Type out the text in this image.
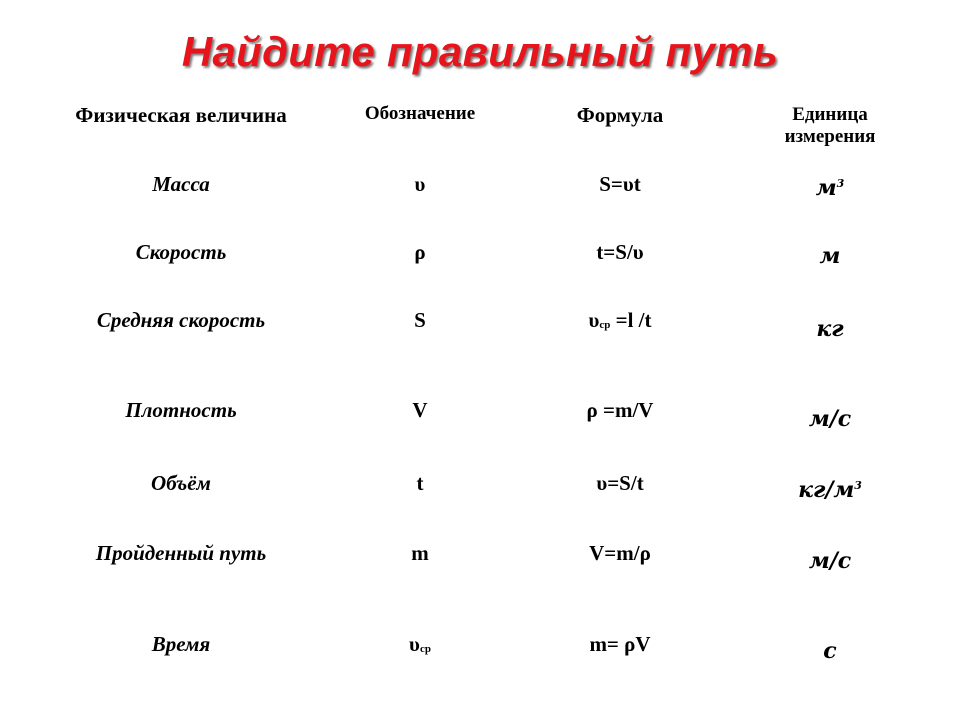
Найдите правильный путь
Физическая величина	Обозначение	Формула	Единица измерения
Масса	υ	S=υt	$м^3$
Скорость	ρ	t=S/υ	м
Средняя скорость	S	$\upsilon_{ср} =l$ /t	кг
Плотность	V	ρ =m/V	м/с
Объём	t	υ=S/t	$кг/м^3$
Пройденный путь	m	V=m/ρ	м/с
Время	$\upsilon_{ср}$	m= ρV	с
